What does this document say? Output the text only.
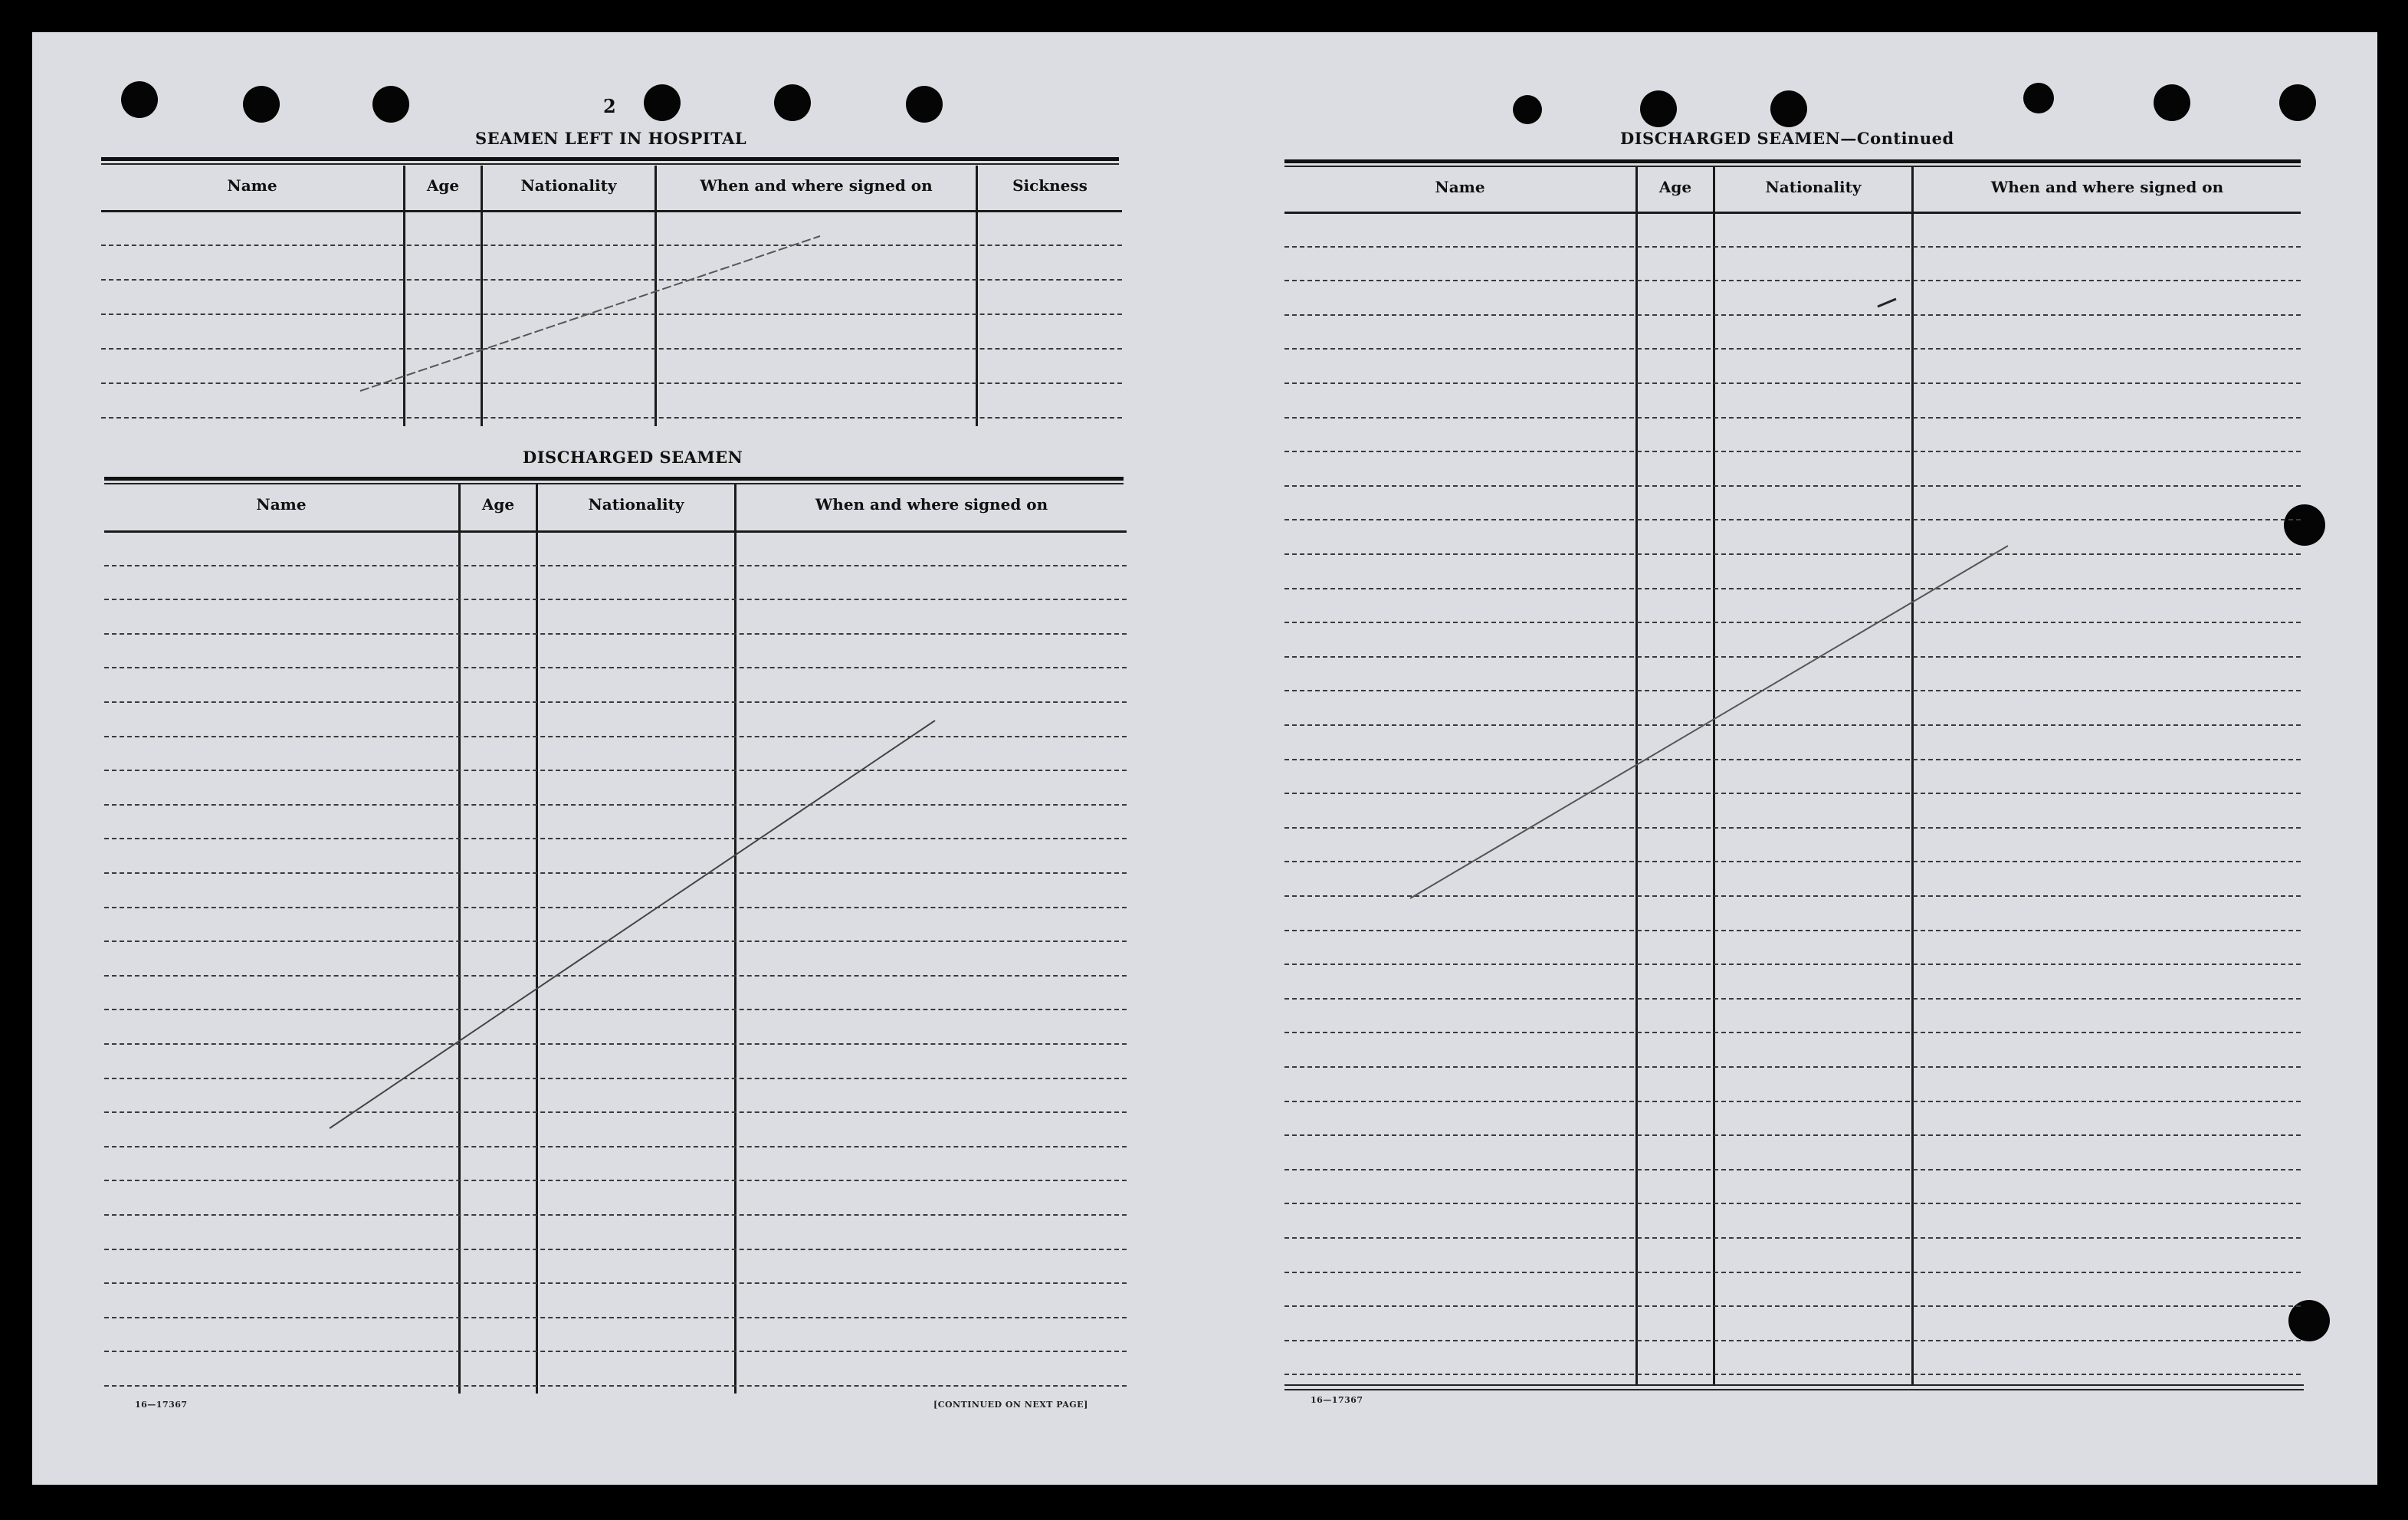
2
SEAMEN LEFT IN HOSPITAL
Name	Age	Nationality	When and where signed on	Sickness
DISCHARGED SEAMEN
Name	Age	Nationality	When and where signed on
16—17367	[CONTINUED ON NEXT PAGE]
DISCHARGED SEAMEN—Continued
Name	Age	Nationality	When and where signed on
16—17367
